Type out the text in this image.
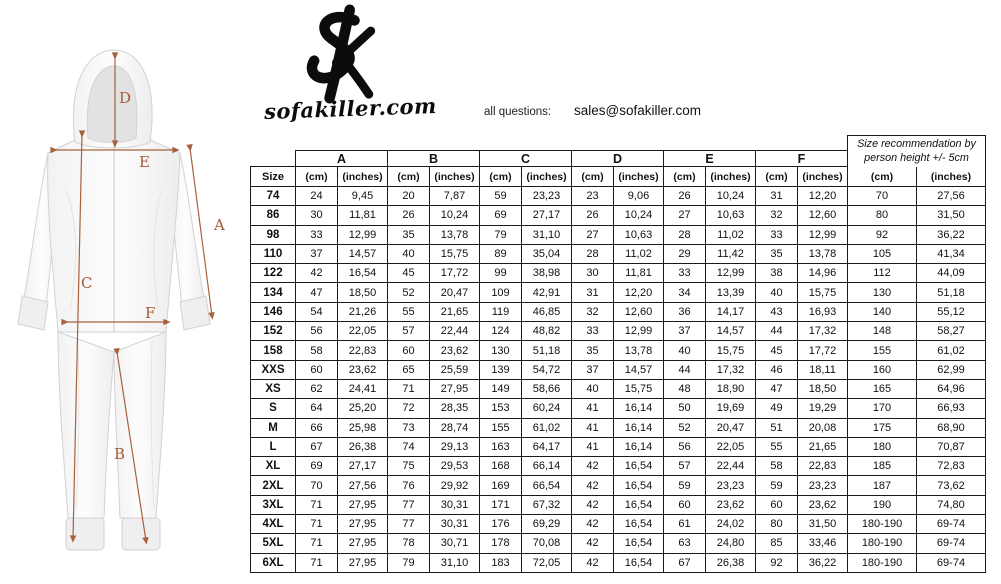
D
E
A
C
F
B
sofakiller.com	all questions: sales@sofakiller.com
	A		B		C		D		E		F		Size recommendation by
person height +/- 5cm	

Size	(cm)	(inches)	(cm)	(inches)	(cm)	(inches)	(cm)	(inches)	(cm)	(inches)	(cm)	(inches)	(cm)	(inches)
74	24	9,45	20	7,87	59	23,23	23	9,06	26	10,24	31	12,20	70	27,56
86	30	11,81	26	10,24	69	27,17	26	10,24	27	10,63	32	12,60	80	31,50
98	33	12,99	35	13,78	79	31,10	27	10,63	28	11,02	33	12,99	92	36,22
110	37	14,57	40	15,75	89	35,04	28	11,02	29	11,42	35	13,78	105	41,34
122	42	16,54	45	17,72	99	38,98	30	11,81	33	12,99	38	14,96	112	44,09
134	47	18,50	52	20,47	109	42,91	31	12,20	34	13,39	40	15,75	130	51,18
146	54	21,26	55	21,65	119	46,85	32	12,60	36	14,17	43	16,93	140	55,12
152	56	22,05	57	22,44	124	48,82	33	12,99	37	14,57	44	17,32	148	58,27
158	58	22,83	60	23,62	130	51,18	35	13,78	40	15,75	45	17,72	155	61,02
XXS	60	23,62	65	25,59	139	54,72	37	14,57	44	17,32	46	18,11	160	62,99
XS	62	24,41	71	27,95	149	58,66	40	15,75	48	18,90	47	18,50	165	64,96
S	64	25,20	72	28,35	153	60,24	41	16,14	50	19,69	49	19,29	170	66,93
M	66	25,98	73	28,74	155	61,02	41	16,14	52	20,47	51	20,08	175	68,90
L	67	26,38	74	29,13	163	64,17	41	16,14	56	22,05	55	21,65	180	70,87
XL	69	27,17	75	29,53	168	66,14	42	16,54	57	22,44	58	22,83	185	72,83
2XL	70	27,56	76	29,92	169	66,54	42	16,54	59	23,23	59	23,23	187	73,62
3XL	71	27,95	77	30,31	171	67,32	42	16,54	60	23,62	60	23,62	190	74,80
4XL	71	27,95	77	30,31	176	69,29	42	16,54	61	24,02	80	31,50	180-190	69-74
5XL	71	27,95	78	30,71	178	70,08	42	16,54	63	24,80	85	33,46	180-190	69-74
6XL	71	27,95	79	31,10	183	72,05	42	16,54	67	26,38	92	36,22	180-190	69-74
